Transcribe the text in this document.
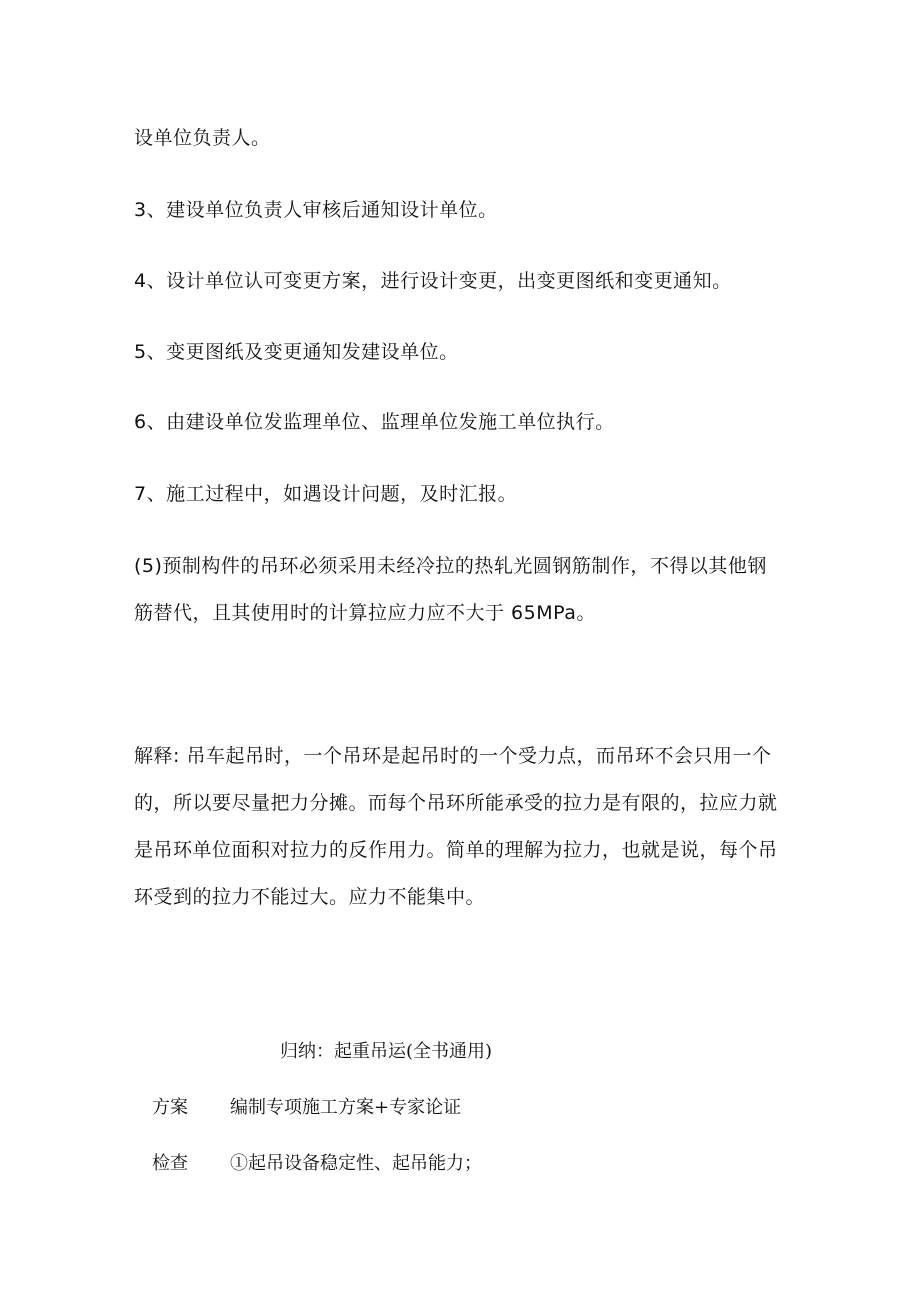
设单位负责人。
3、建设单位负责人审核后通知设计单位。
4、设计单位认可变更方案，进行设计变更，出变更图纸和变更通知。
5、变更图纸及变更通知发建设单位。
6、由建设单位发监理单位、监理单位发施工单位执行。
7、施工过程中，如遇设计问题，及时汇报。
(5)预制构件的吊环必须采用未经冷拉的热轧光圆钢筋制作，不得以其他钢
筋替代，且其使用时的计算拉应力应不大于 65MPa。
解释: 吊车起吊时，一个吊环是起吊时的一个受力点，而吊环不会只用一个
的，所以要尽量把力分摊。而每个吊环所能承受的拉力是有限的，拉应力就
是吊环单位面积对拉力的反作用力。简单的理解为拉力，也就是说，每个吊
环受到的拉力不能过大。应力不能集中。
归纳：起重吊运(全书通用)
方案 编制专项施工方案+专家论证
检查 ①起吊设备稳定性、起吊能力；
